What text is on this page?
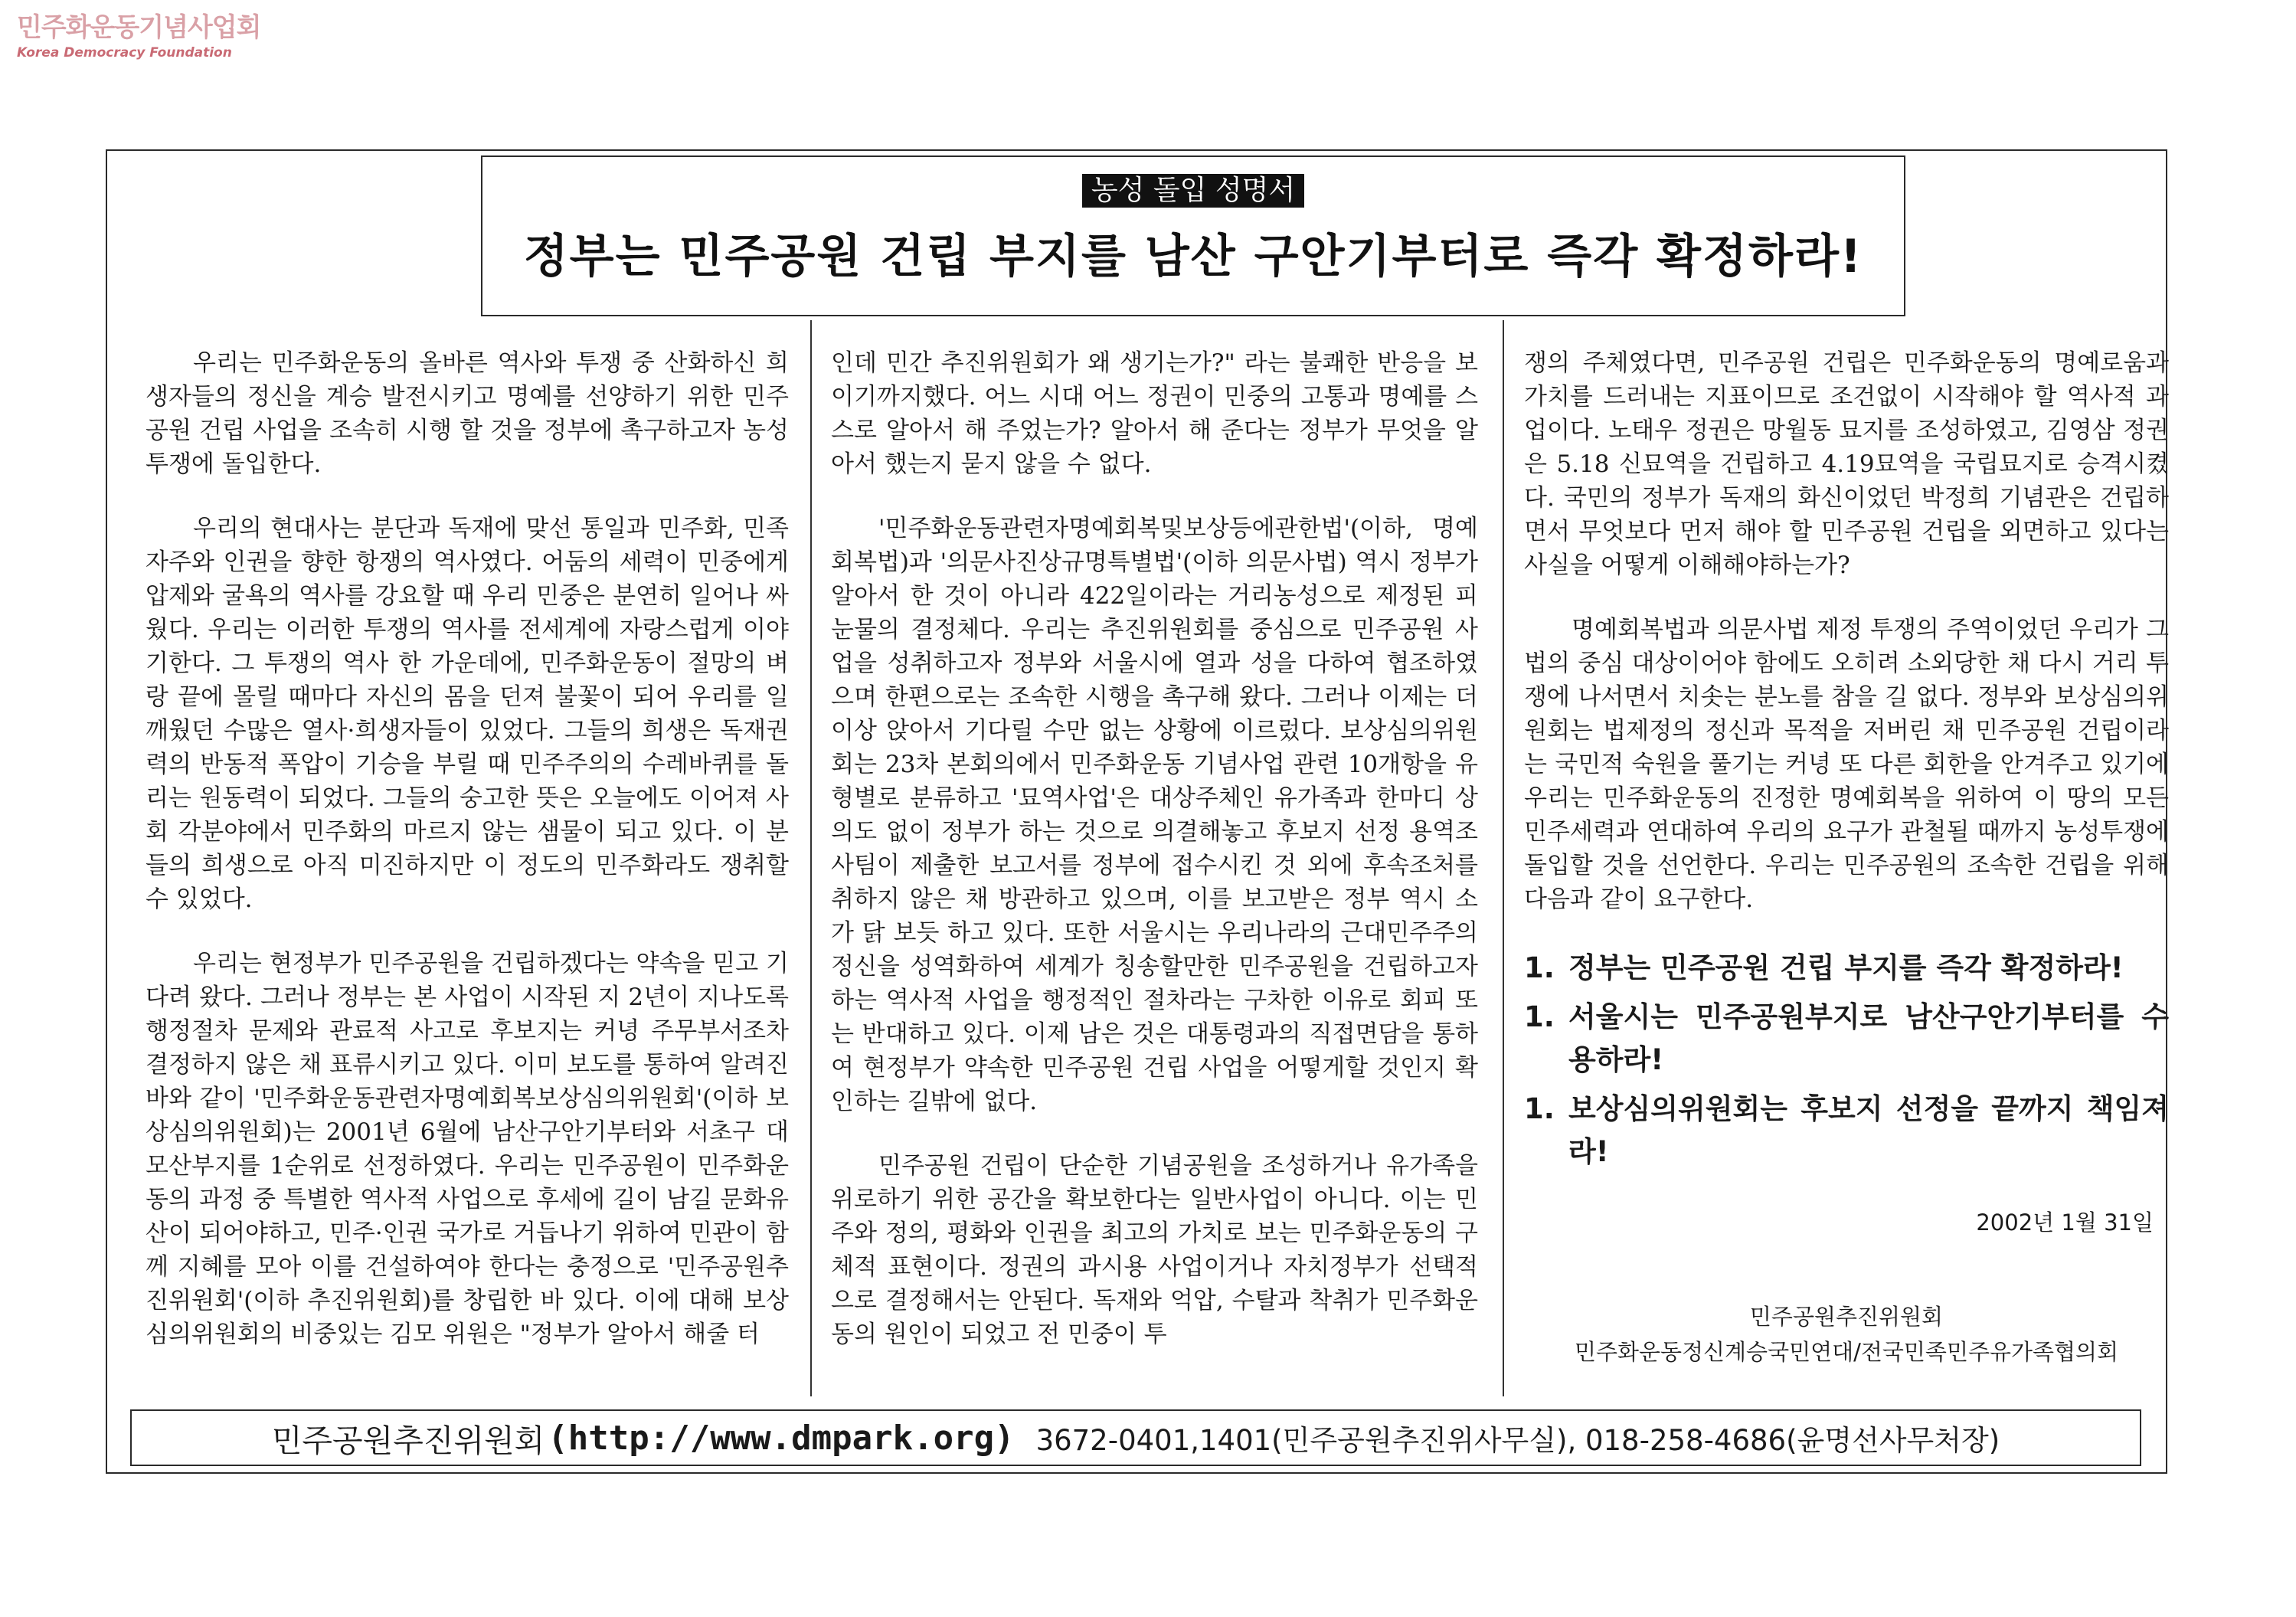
민주화운동기념사업회
Korea Democracy Foundation
농성 돌입 성명서
정부는 민주공원 건립 부지를 남산 구안기부터로 즉각 확정하라!

우리는 민주화운동의 올바른 역사와 투쟁 중 산화하신 희생자들의 정신을 계승 발전시키고 명예를 선양하기 위한 민주공원 건립 사업을 조속히 시행 할 것을 정부에 촉구하고자 농성 투쟁에 돌입한다.

우리의 현대사는 분단과 독재에 맞선 통일과 민주화, 민족자주와 인권을 향한 항쟁의 역사였다. 어둠의 세력이 민중에게 압제와 굴욕의 역사를 강요할 때 우리 민중은 분연히 일어나 싸웠다. 우리는 이러한 투쟁의 역사를 전세계에 자랑스럽게 이야기한다. 그 투쟁의 역사 한 가운데에, 민주화운동이 절망의 벼랑 끝에 몰릴 때마다 자신의 몸을 던져 불꽃이 되어 우리를 일깨웠던 수많은 열사·희생자들이 있었다. 그들의 희생은 독재권력의 반동적 폭압이 기승을 부릴 때 민주주의의 수레바퀴를 돌리는 원동력이 되었다. 그들의 숭고한 뜻은 오늘에도 이어져 사회 각분야에서 민주화의 마르지 않는 샘물이 되고 있다. 이 분들의 희생으로 아직 미진하지만 이 정도의 민주화라도 쟁취할 수 있었다.

우리는 현정부가 민주공원을 건립하겠다는 약속을 믿고 기다려 왔다. 그러나 정부는 본 사업이 시작된 지 2년이 지나도록 행정절차 문제와 관료적 사고로 후보지는 커녕 주무부서조차 결정하지 않은 채 표류시키고 있다. 이미 보도를 통하여 알려진 바와 같이 '민주화운동관련자명예회복보상심의위원회'(이하 보상심의위원회)는 2001년 6월에 남산구안기부터와 서초구 대모산부지를 1순위로 선정하였다. 우리는 민주공원이 민주화운동의 과정 중 특별한 역사적 사업으로 후세에 길이 남길 문화유산이 되어야하고, 민주·인권 국가로 거듭나기 위하여 민관이 함께 지혜를 모아 이를 건설하여야 한다는 충정으로 '민주공원추진위원회'(이하 추진위원회)를 창립한 바 있다. 이에 대해 보상심의위원회의 비중있는 김모 위원은 "정부가 알아서 해줄 터

인데 민간 추진위원회가 왜 생기는가?" 라는 불쾌한 반응을 보이기까지했다. 어느 시대 어느 정권이 민중의 고통과 명예를 스스로 알아서 해 주었는가? 알아서 해 준다는 정부가 무엇을 알아서 했는지 묻지 않을 수 없다.

'민주화운동관련자명예회복및보상등에관한법'(이하, 명예회복법)과 '의문사진상규명특별법'(이하 의문사법) 역시 정부가 알아서 한 것이 아니라 422일이라는 거리농성으로 제정된 피눈물의 결정체다. 우리는 추진위원회를 중심으로 민주공원 사업을 성취하고자 정부와 서울시에 열과 성을 다하여 협조하였으며 한편으로는 조속한 시행을 촉구해 왔다. 그러나 이제는 더 이상 앉아서 기다릴 수만 없는 상황에 이르렀다. 보상심의위원회는 23차 본회의에서 민주화운동 기념사업 관련 10개항을 유형별로 분류하고 '묘역사업'은 대상주체인 유가족과 한마디 상의도 없이 정부가 하는 것으로 의결해놓고 후보지 선정 용역조사팀이 제출한 보고서를 정부에 접수시킨 것 외에 후속조처를 취하지 않은 채 방관하고 있으며, 이를 보고받은 정부 역시 소가 닭 보듯 하고 있다. 또한 서울시는 우리나라의 근대민주주의 정신을 성역화하여 세계가 칭송할만한 민주공원을 건립하고자 하는 역사적 사업을 행정적인 절차라는 구차한 이유로 회피 또는 반대하고 있다. 이제 남은 것은 대통령과의 직접면담을 통하여 현정부가 약속한 민주공원 건립 사업을 어떻게할 것인지 확인하는 길밖에 없다.

민주공원 건립이 단순한 기념공원을 조성하거나 유가족을 위로하기 위한 공간을 확보한다는 일반사업이 아니다. 이는 민주와 정의, 평화와 인권을 최고의 가치로 보는 민주화운동의 구체적 표현이다. 정권의 과시용 사업이거나 자치정부가 선택적으로 결정해서는 안된다. 독재와 억압, 수탈과 착취가 민주화운동의 원인이 되었고 전 민중이 투

쟁의 주체였다면, 민주공원 건립은 민주화운동의 명예로움과 가치를 드러내는 지표이므로 조건없이 시작해야 할 역사적 과업이다. 노태우 정권은 망월동 묘지를 조성하였고, 김영삼 정권은 5.18 신묘역을 건립하고 4.19묘역을 국립묘지로 승격시켰다. 국민의 정부가 독재의 화신이었던 박정희 기념관은 건립하면서 무엇보다 먼저 해야 할 민주공원 건립을 외면하고 있다는 사실을 어떻게 이해해야하는가?

명예회복법과 의문사법 제정 투쟁의 주역이었던 우리가 그 법의 중심 대상이어야 함에도 오히려 소외당한 채 다시 거리 투쟁에 나서면서 치솟는 분노를 참을 길 없다. 정부와 보상심의위원회는 법제정의 정신과 목적을 저버린 채 민주공원 건립이라는 국민적 숙원을 풀기는 커녕 또 다른 회한을 안겨주고 있기에 우리는 민주화운동의 진정한 명예회복을 위하여 이 땅의 모든 민주세력과 연대하여 우리의 요구가 관철될 때까지 농성투쟁에 돌입할 것을 선언한다. 우리는 민주공원의 조속한 건립을 위해 다음과 같이 요구한다.

1. 정부는 민주공원 건립 부지를 즉각 확정하라!
1. 서울시는 민주공원부지로 남산구안기부터를 수용하라!
1. 보상심의위원회는 후보지 선정을 끝까지 책임져라!
2002년 1월 31일
민주공원추진위원회
민주화운동정신계승국민연대/전국민족민주유가족협의회
민주공원추진위원회 (http://www.dmpark.org) 3672-0401,1401(민주공원추진위사무실), 018-258-4686(윤명선사무처장)
